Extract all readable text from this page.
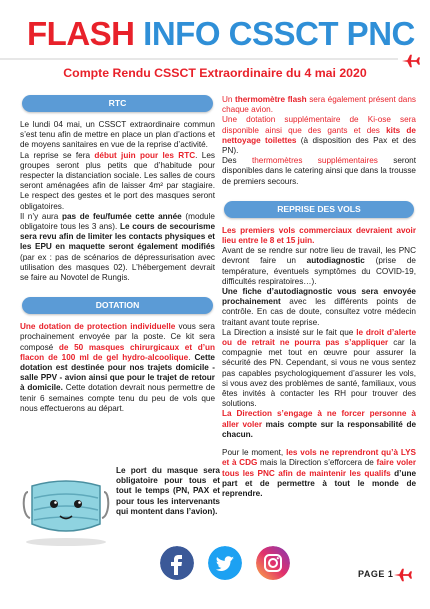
FLASH INFO CSSCT PNC
Compte Rendu CSSCT Extraordinaire du 4 mai 2020
RTC

Le lundi 04 mai, un CSSCT extraordinaire commun s’est tenu afin de mettre en place un plan d’actions et de moyens sanitaires en vue de la reprise d’activité.

La reprise se fera début juin pour les RTC. Les groupes seront plus petits que d’habitude pour respecter la distanciation sociale. Les salles de cours seront aménagées afin de laisser 4m² par stagiaire. Le respect des gestes et le port des masques seront obligatoires.

Il n’y aura pas de feu/fumée cette année (module obligatoire tous les 3 ans). Le cours de secourisme sera revu afin de limiter les contacts physiques et les EPU en maquette seront également modifiés (par ex : pas de scénarios de dépressurisation avec utilisation des masques 02). L’hébergement devrait se faire au Novotel de Rungis.

DOTATION

Une dotation de protection individuelle vous sera prochainement envoyée par la poste. Ce kit sera composé de 50 masques chirurgicaux et d’un flacon de 100 ml de gel hydro-alcoolique. Cette dotation est destinée pour nos trajets domicile - salle PPV - avion ainsi que pour le trajet de retour à domicile. Cette dotation devrait nous permettre de tenir 6 semaines compte tenu du peu de vols que nous effectuerons au départ.

Le port du masque sera obligatoire pour tous et tout le temps (PN, PAX et pour tous les intervenants qui montent dans l’avion).

Un thermomètre flash sera également présent dans chaque avion.

Une dotation supplémentaire de Ki-ose sera disponible ainsi que des gants et des kits de nettoyage toilettes (à disposition des Pax et des PN).

Des thermomètres supplémentaires seront disponibles dans le catering ainsi que dans la trousse de premiers secours.

REPRISE DES VOLS

Les premiers vols commerciaux devraient avoir lieu entre le 8 et 15 juin.

Avant de se rendre sur notre lieu de travail, les PNC devront faire un autodiagnostic (prise de température, éventuels symptômes du COVID-19, difficultés respiratoires…).

Une fiche d’autodiagnostic vous sera envoyée prochainement avec les différents points de contrôle. En cas de doute, consultez votre médecin traitant avant toute reprise.

La Direction a insisté sur le fait que le droit d’alerte ou de retrait ne pourra pas s’appliquer car la compagnie met tout en œuvre pour assurer la sécurité des PN. Cependant, si vous ne vous sentez pas capables psychologiquement d’assurer les vols, si vous avez des problèmes de santé, familiaux, vous êtes invités à contacter les RH pour trouver des solutions.

La Direction s’engage à ne forcer personne à aller voler mais compte sur la responsabilité de chacun.

Pour le moment, les vols ne reprendront qu’à LYS et à CDG mais la Direction s’efforcera de faire voler tous les PNC afin de maintenir les qualifs d’une part et de permettre à tout le monde de reprendre.

PAGE 1
